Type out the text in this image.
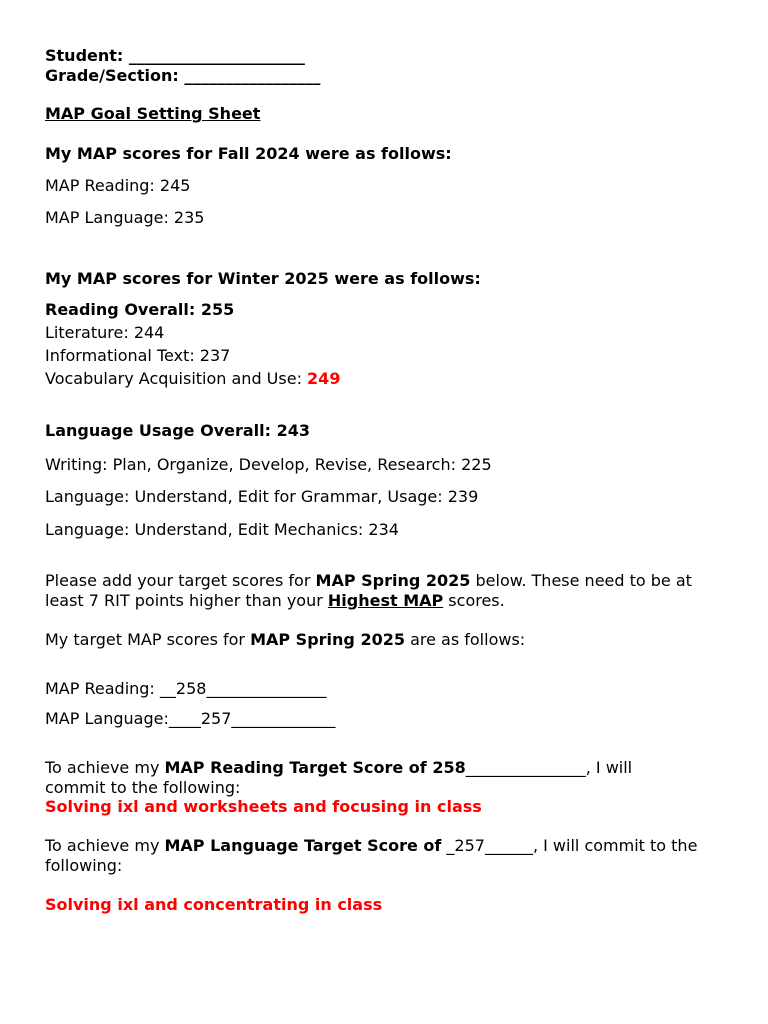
Student: ______________________
Grade/Section: _________________
MAP Goal Setting Sheet
My MAP scores for Fall 2024 were as follows:
MAP Reading: 245
MAP Language: 235
My MAP scores for Winter 2025 were as follows:
Reading Overall: 255
Literature: 244
Informational Text: 237
Vocabulary Acquisition and Use: 249
Language Usage Overall: 243
Writing: Plan, Organize, Develop, Revise, Research: 225
Language: Understand, Edit for Grammar, Usage: 239
Language: Understand, Edit Mechanics: 234
Please add your target scores for MAP Spring 2025 below. These need to be at least 7 RIT points higher than your Highest MAP scores.
My target MAP scores for MAP Spring 2025 are as follows:
MAP Reading: __258_______________
MAP Language:____257_____________
To achieve my MAP Reading Target Score of 258_______________, I will commit to the following:
Solving ixl and worksheets and focusing in class
To achieve my MAP Language Target Score of _257______, I will commit to the following:
Solving ixl and concentrating in class
